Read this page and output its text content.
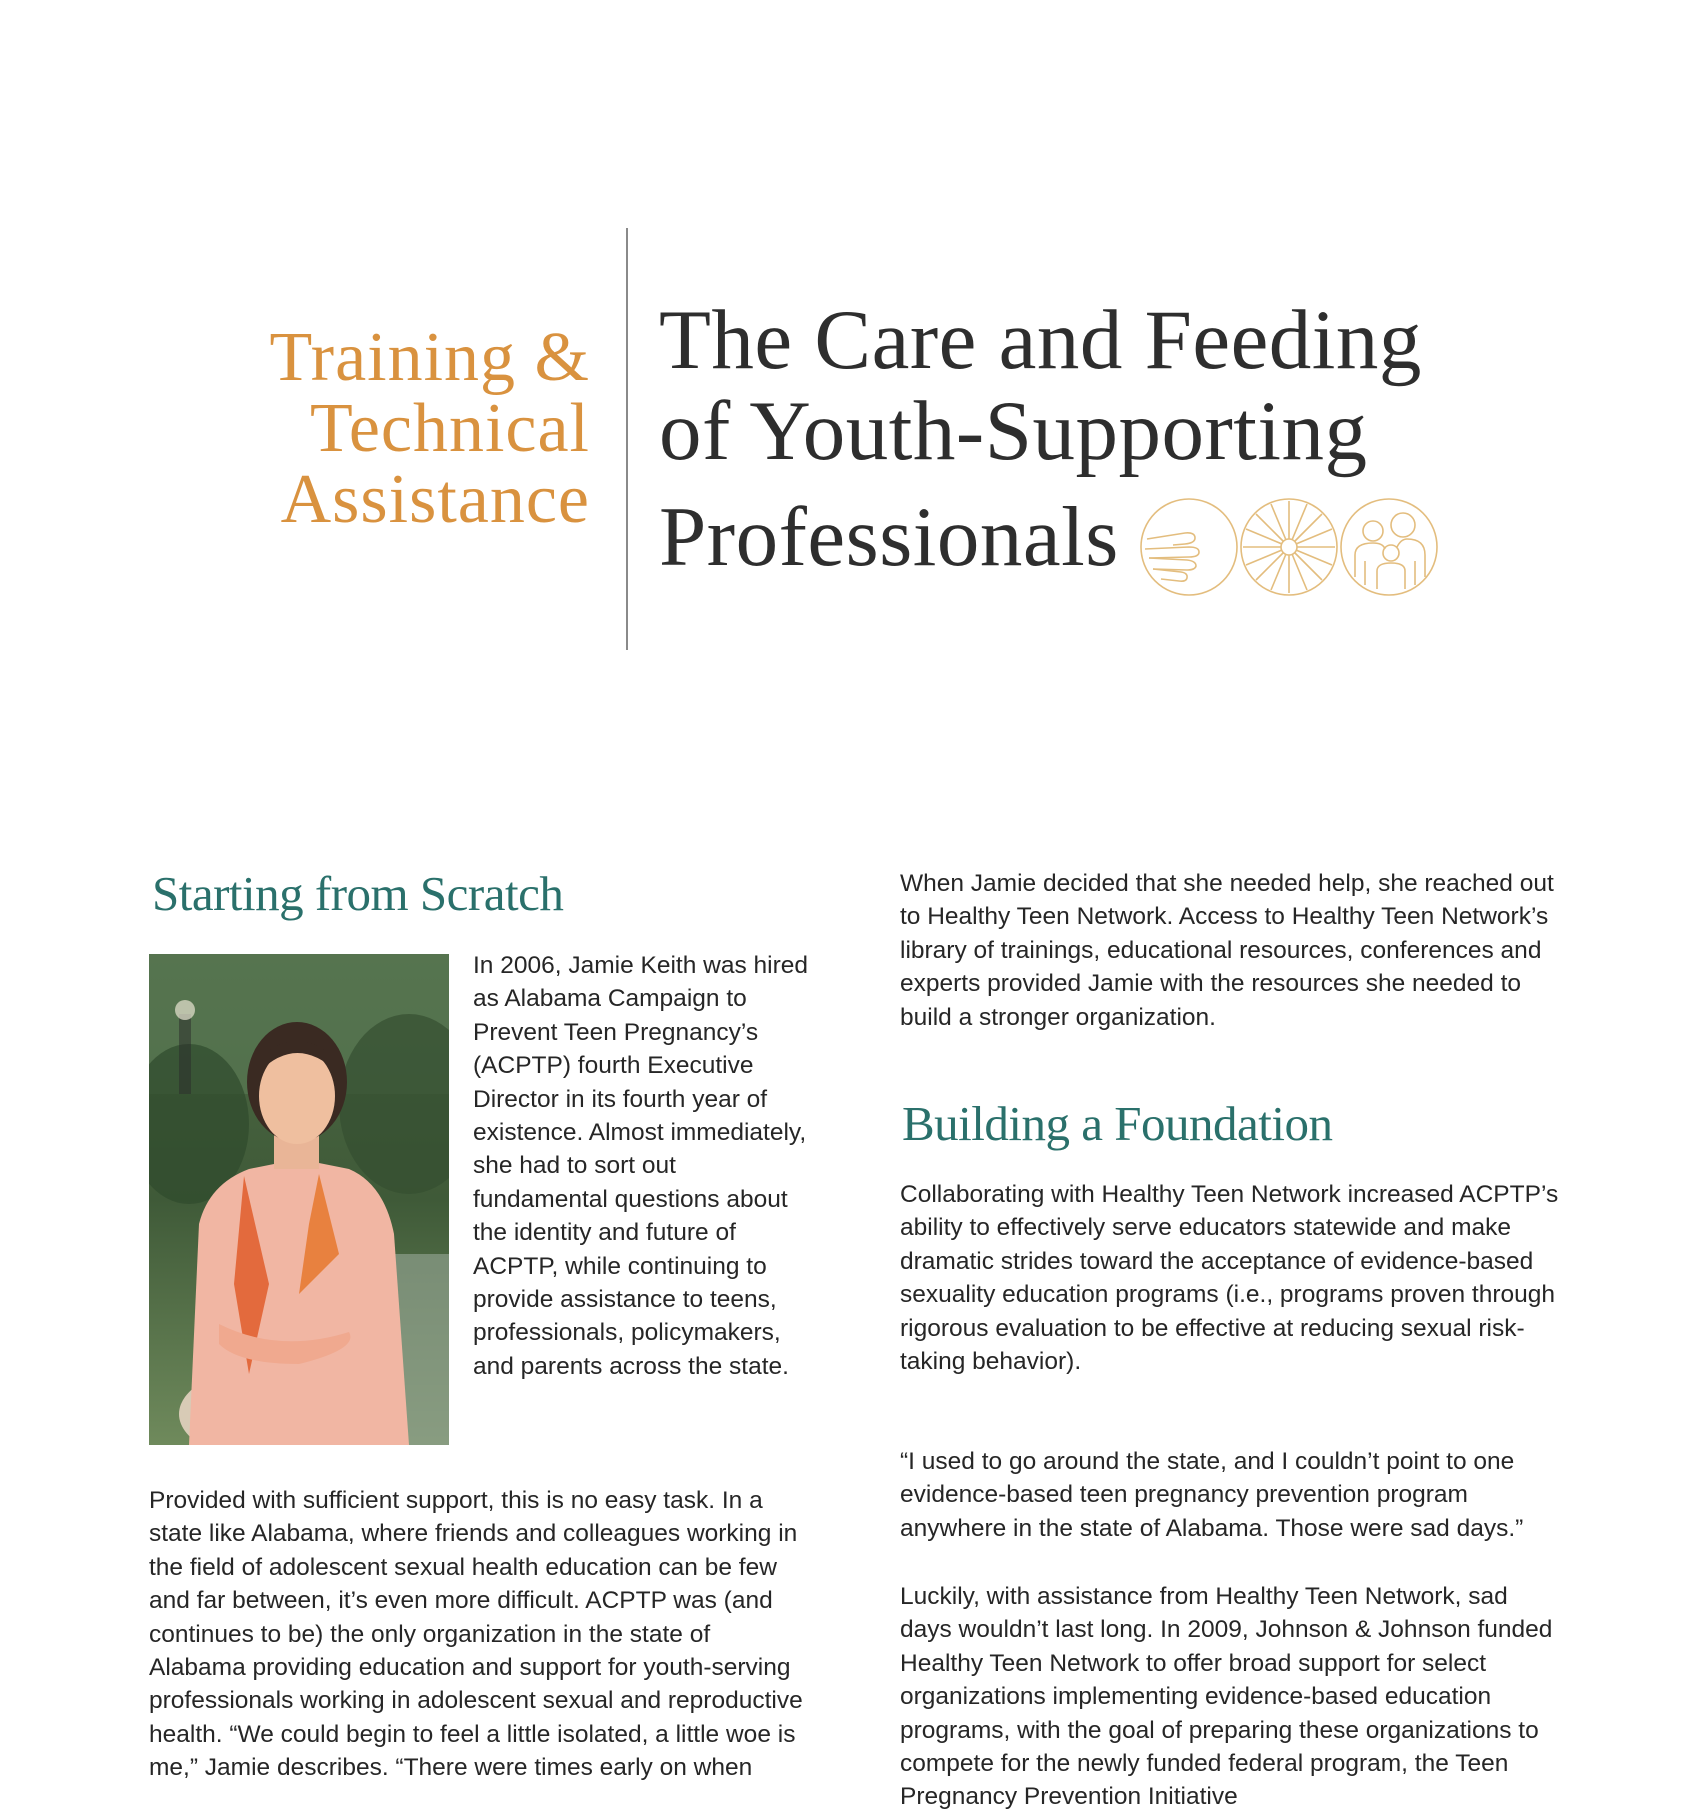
Training &
Technical
Assistance
The Care and Feeding
of Youth-Supporting
Professionals
Starting from Scratch

In 2006, Jamie Keith was hired as Alabama Campaign to Prevent Teen Pregnancy’s (ACPTP) fourth Executive Director in its fourth year of existence. Almost immediately, she had to sort out fundamental questions about the identity and future of ACPTP, while continuing to provide assistance to teens, professionals, policymakers, and parents across the state.

Provided with sufficient support, this is no easy task. In a state like Alabama, where friends and colleagues working in the field of adolescent sexual health education can be few and far between, it’s even more difficult. ACPTP was (and continues to be) the only organization in the state of Alabama providing education and support for youth-serving professionals working in adolescent sexual and reproductive health. “We could begin to feel a little isolated, a little woe is me,” Jamie describes. “There were times early on when

When Jamie decided that she needed help, she reached out to Healthy Teen Network. Access to Healthy Teen Network’s library of trainings, educational resources, conferences and experts provided Jamie with the resources she needed to build a stronger organization.

Building a Foundation

Collaborating with Healthy Teen Network increased ACPTP’s ability to effectively serve educators statewide and make dramatic strides toward the acceptance of evidence-based sexuality education programs (i.e., programs proven through rigorous evaluation to be effective at reducing sexual risk-taking behavior).

“I used to go around the state, and I couldn’t point to one evidence-based teen pregnancy prevention program anywhere in the state of Alabama. Those were sad days.”

Luckily, with assistance from Healthy Teen Network, sad days wouldn’t last long. In 2009, Johnson & Johnson funded Healthy Teen Network to offer broad support for select organizations implementing evidence-based education programs, with the goal of preparing these organizations to compete for the newly funded federal program, the Teen Pregnancy Prevention Initiative
